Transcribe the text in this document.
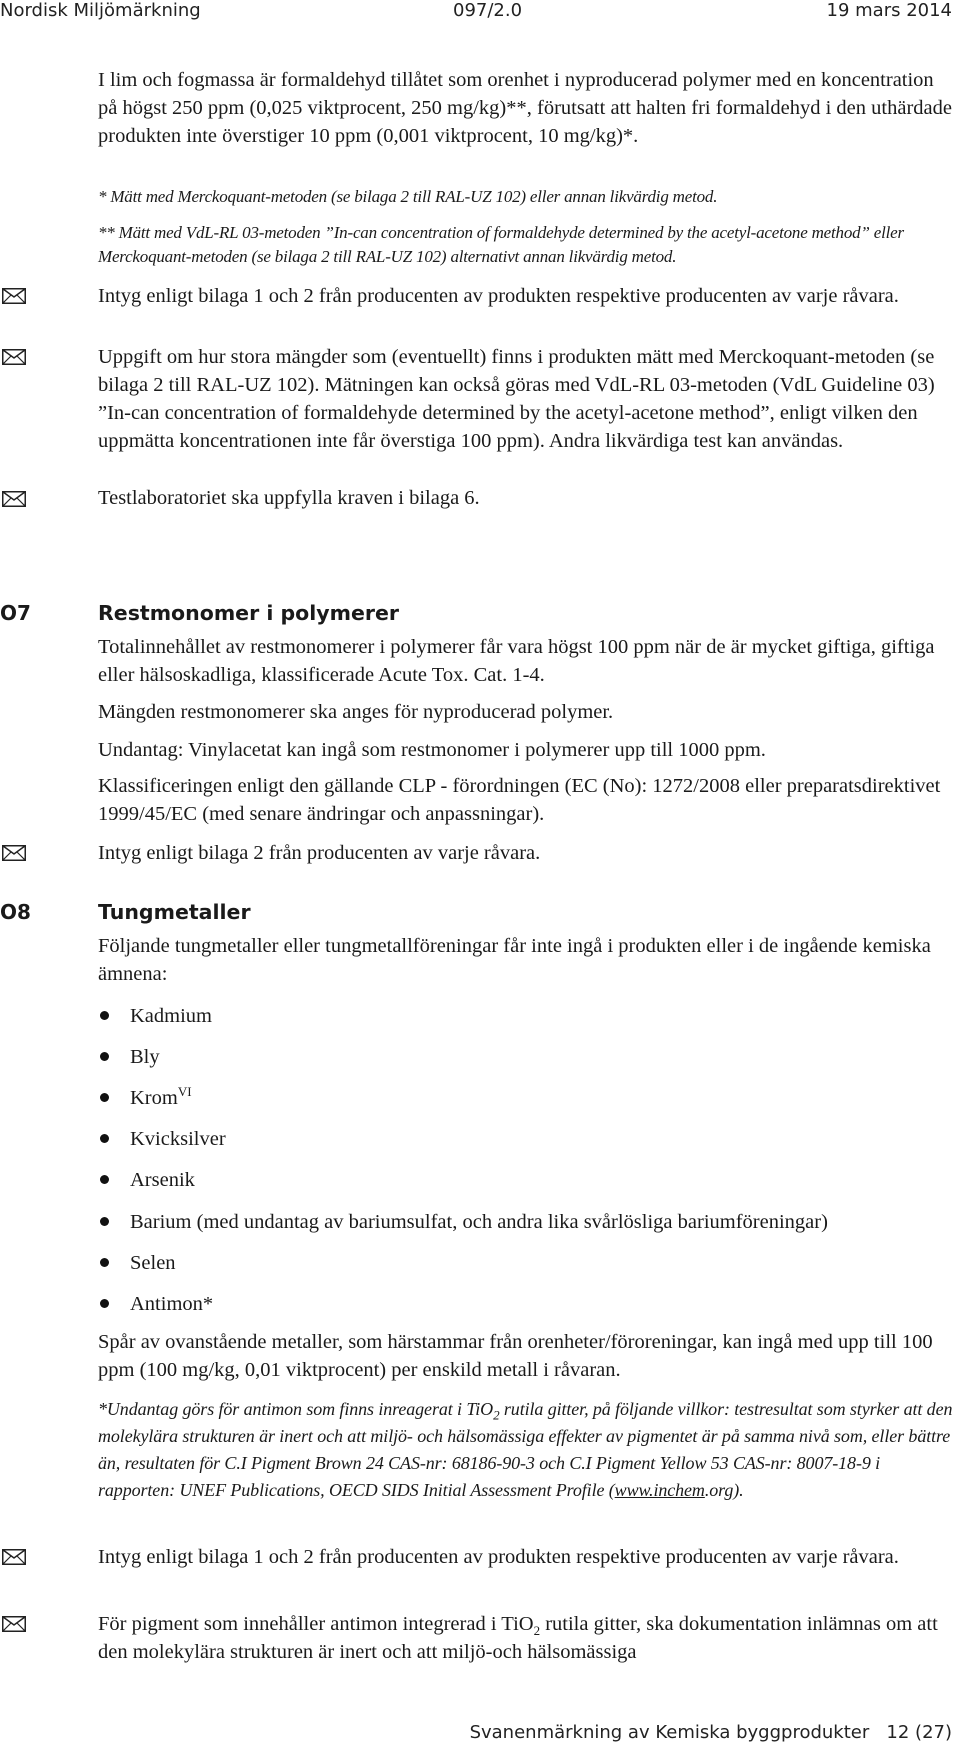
Nordisk Miljömärkning	097/2.0	19 mars 2014
I lim och fogmassa är formaldehyd tillåtet som orenhet i nyproducerad polymer med en koncentration på högst 250 ppm (0,025 viktprocent, 250 mg/kg)**, förutsatt att halten fri formaldehyd i den uthärdade produkten inte överstiger 10 ppm (0,001 viktprocent, 10 mg/kg)*.
* Mätt med Merckoquant-metoden (se bilaga 2 till RAL-UZ 102) eller annan likvärdig metod.
** Mätt med VdL-RL 03-metoden ”In-can concentration of formaldehyde determined by the acetyl-acetone method” eller Merckoquant-metoden (se bilaga 2 till RAL-UZ 102) alternativt annan likvärdig metod.
Intyg enligt bilaga 1 och 2 från producenten av produkten respektive producenten av varje råvara.
Uppgift om hur stora mängder som (eventuellt) finns i produkten mätt med Merckoquant-metoden (se bilaga 2 till RAL-UZ 102). Mätningen kan också göras med VdL-RL 03-metoden (VdL Guideline 03) ”In-can concentration of formaldehyde determined by the acetyl-acetone method”, enligt vilken den uppmätta koncentrationen inte får överstiga 100 ppm). Andra likvärdiga test kan användas.
Testlaboratoriet ska uppfylla kraven i bilaga 6.
O7	Restmonomer i polymerer
Totalinnehållet av restmonomerer i polymerer får vara högst 100 ppm när de är mycket giftiga, giftiga eller hälsoskadliga, klassificerade Acute Tox. Cat. 1-4.
Mängden restmonomerer ska anges för nyproducerad polymer.
Undantag: Vinylacetat kan ingå som restmonomer i polymerer upp till 1000 ppm.
Klassificeringen enligt den gällande CLP - förordningen (EC (No): 1272/2008 eller preparatsdirektivet 1999/45/EC (med senare ändringar och anpassningar).
Intyg enligt bilaga 2 från producenten av varje råvara.
O8	Tungmetaller
Följande tungmetaller eller tungmetallföreningar får inte ingå i produkten eller i de ingående kemiska ämnena:
Kadmium
Bly
Krom$^{VI}$
Kvicksilver
Arsenik
Barium (med undantag av bariumsulfat, och andra lika svårlösliga bariumföreningar)
Selen
Antimon*
Spår av ovanstående metaller, som härstammar från orenheter/föroreningar, kan ingå med upp till 100 ppm (100 mg/kg, 0,01 viktprocent) per enskild metall i råvaran.
*Undantag görs för antimon som finns inreagerat i TiO$_2$ rutila gitter, på följande villkor: testresultat som styrker att den molekylära strukturen är inert och att miljö- och hälsomässiga effekter av pigmentet är på samma nivå som, eller bättre än, resultaten för C.I Pigment Brown 24 CAS-nr: 68186-90-3 och C.I Pigment Yellow 53 CAS-nr: 8007-18-9 i rapporten: UNEF Publications, OECD SIDS Initial Assessment Profile (www.inchem.org).
Intyg enligt bilaga 1 och 2 från producenten av produkten respektive producenten av varje råvara.
För pigment som innehåller antimon integrerad i TiO$_2$ rutila gitter, ska dokumentation inlämnas om att den molekylära strukturen är inert och att miljö-och hälsomässiga
Svanenmärkning av Kemiska byggprodukter   12 (27)
